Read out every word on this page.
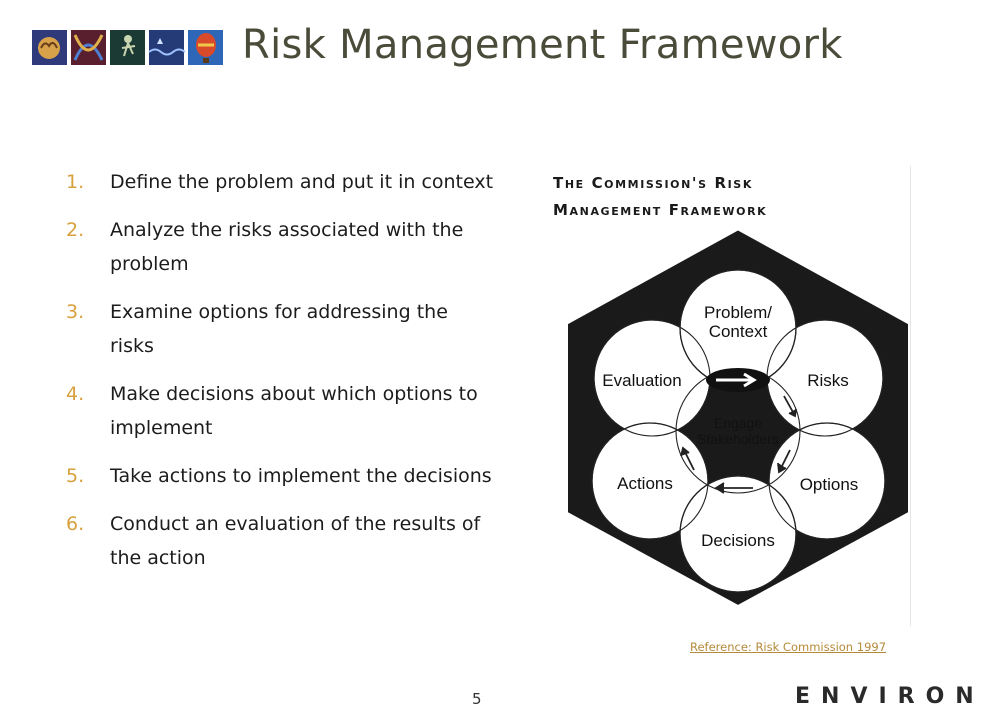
Risk Management Framework
1.	Define the problem and put it in context
2.	Analyze the risks associated with the problem
3.	Examine options for addressing the risks
4.	Make decisions about which options to implement
5.	Take actions to implement the decisions
6.	Conduct an evaluation of the results of the action
Problem/
Context
Evaluation	Risks
Actions	Options
Decisions
Engage
Stakeholders
The Commission's Risk
Management Framework
Reference: Risk Commission 1997
5	ENVIRON
